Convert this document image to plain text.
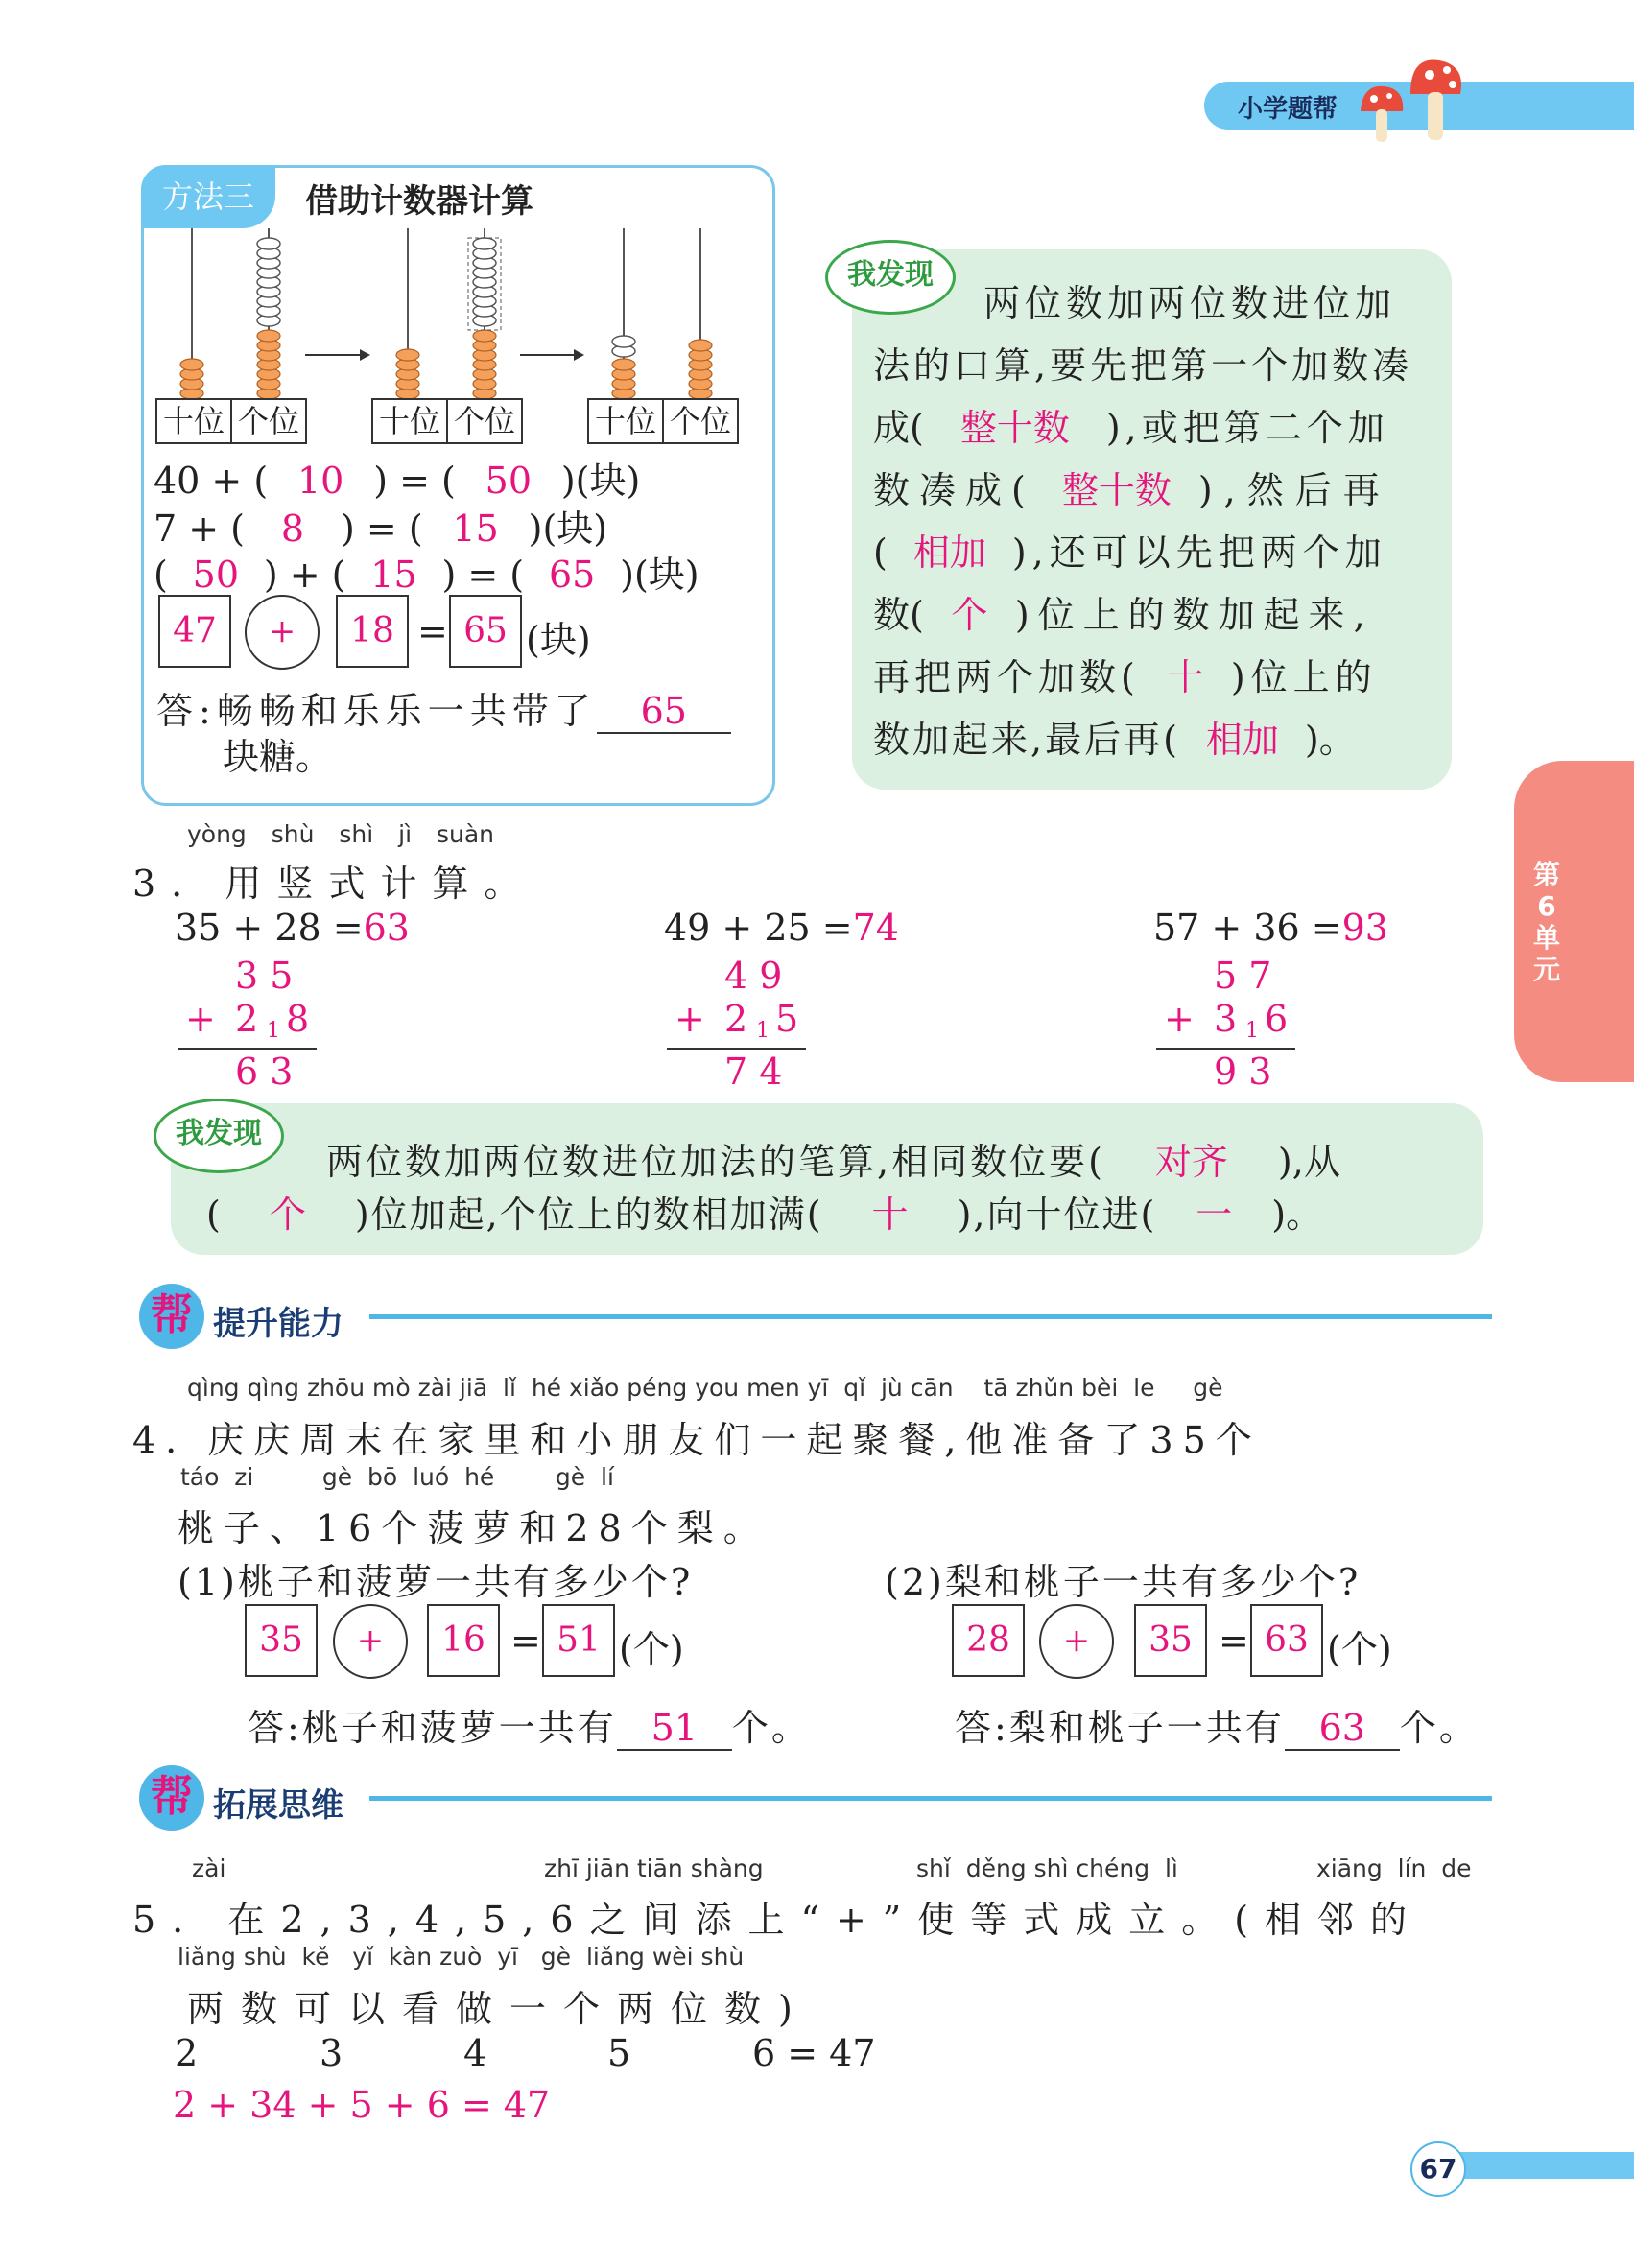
小学题帮
方法三	借助计数器计算
十位 个位	十位 个位	十位 个位
40 + ( 10 ) = ( 50 )(块)
7 + ( 8 ) = ( 15 )(块)
( 50 ) + ( 15 ) = ( 65 )(块)
47	+	18 = 65 (块)
答:畅畅和乐乐一共带了 65
块糖。
我发现
两位数加两位数进位加
法的口算,要先把第一个加数凑
成( 整十数 ),或把第二个加
数凑成( 整十数 ),然后再
( 相加 ),还可以先把两个加
数( 个 )位上的数加起来,
再把两个加数( 十 )位上的
数加起来,最后再( 相加 )。
第6单元
yòng shù shì jì suàn
3. 用竖式计算。
35 + 28 =63	49 + 25 =74	57 + 36 =93
3 5
+ 2 1 8
6 3
4 9
+ 2 1 5
7 4
5 7
+ 3 1 6
9 3
我发现
两位数加两位数进位加法的笔算,相同数位要( 对齐 ),从
( 个 )位加起,个位上的数相加满( 十 ),向十位进( 一 )。
帮 提升能力
qìng qìng zhōu mò zài jiā  lǐ  hé xiǎo péng you men yī  qǐ  jù cān    tā zhǔn bèi  le     gè
4. 庆庆周末在家里和小朋友们一起聚餐,他准备了35个
táo  zi         gè  bō  luó  hé        gè  lí
桃子、16个菠萝和28个梨。
(1)桃子和菠萝一共有多少个?
35	+	16 = 51 (个)
答:桃子和菠萝一共有 51 个。
(2)梨和桃子一共有多少个?
28	+	35 = 63 (个)
答:梨和桃子一共有 63 个。
帮 拓展思维
zài	zhī jiān tiān shàng	shǐ  děng shì chéng  lì	xiāng  lín  de
5. 在2,3,4,5,6之间添上“+”使等式成立。(相邻的
liǎng shù  kě   yǐ  kàn zuò  yī   gè  liǎng wèi shù
两数可以看做一个两位数)
2	3	4	5	6 = 47
2 + 34 + 5 + 6 = 47
67
